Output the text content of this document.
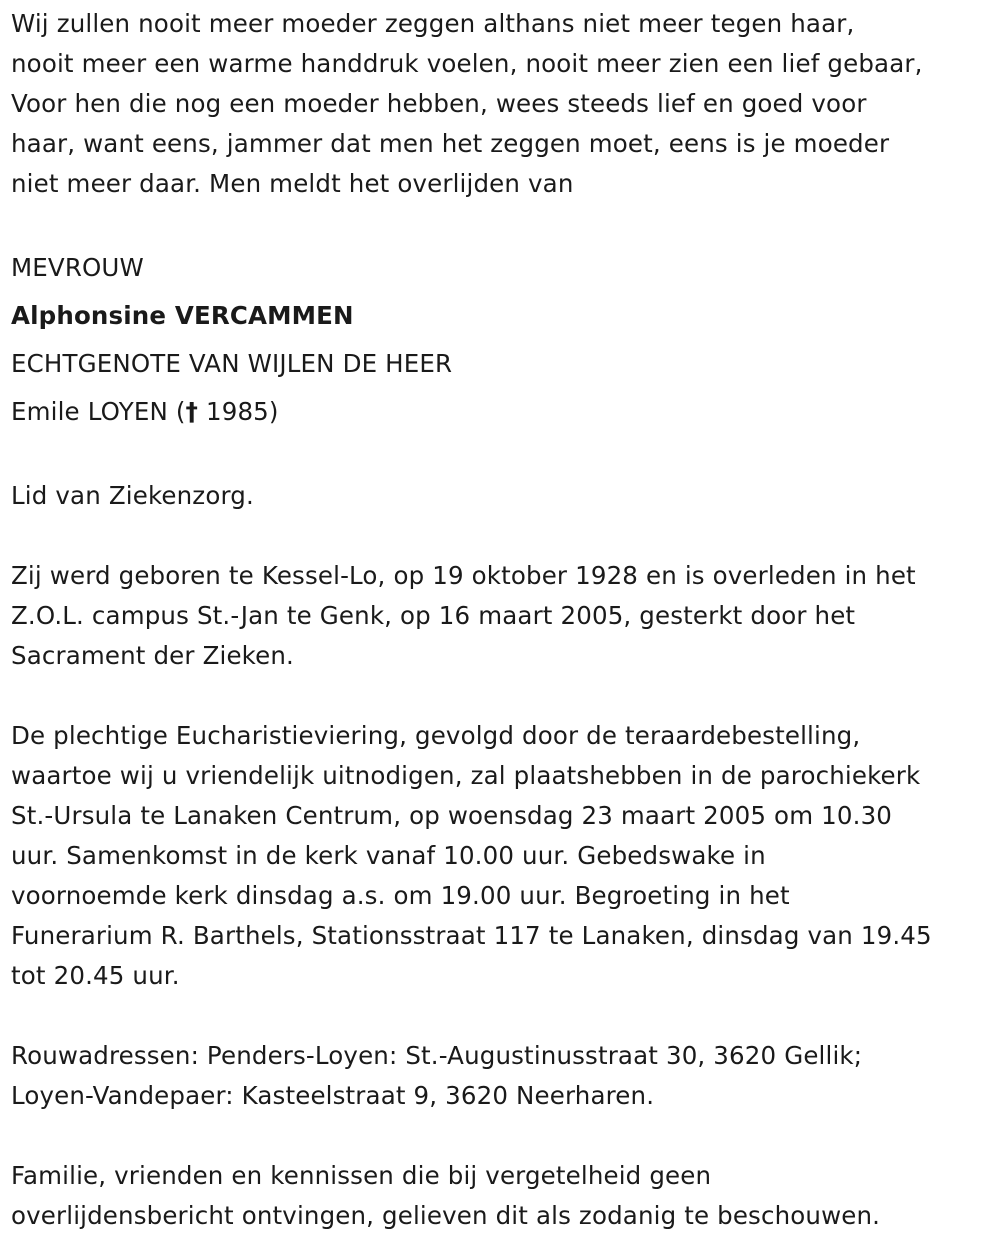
Wij zullen nooit meer moeder zeggen althans niet meer tegen haar,

nooit meer een warme handdruk voelen, nooit meer zien een lief gebaar,

Voor hen die nog een moeder hebben, wees steeds lief en goed voor

haar, want eens, jammer dat men het zeggen moet, eens is je moeder

niet meer daar. Men meldt het overlijden van

MEVROUW

Alphonsine VERCAMMEN

ECHTGENOTE VAN WIJLEN DE HEER

Emile LOYEN († 1985)

Lid van Ziekenzorg.

Zij werd geboren te Kessel-Lo, op 19 oktober 1928 en is overleden in het

Z.O.L. campus St.-Jan te Genk, op 16 maart 2005, gesterkt door het

Sacrament der Zieken.

De plechtige Eucharistieviering, gevolgd door de teraardebestelling,

waartoe wij u vriendelijk uitnodigen, zal plaatshebben in de parochiekerk

St.-Ursula te Lanaken Centrum, op woensdag 23 maart 2005 om 10.30

uur. Samenkomst in de kerk vanaf 10.00 uur. Gebedswake in

voornoemde kerk dinsdag a.s. om 19.00 uur. Begroeting in het

Funerarium R. Barthels, Stationsstraat 117 te Lanaken, dinsdag van 19.45

tot 20.45 uur.

Rouwadressen: Penders-Loyen: St.-Augustinusstraat 30, 3620 Gellik;

Loyen-Vandepaer: Kasteelstraat 9, 3620 Neerharen.

Familie, vrienden en kennissen die bij vergetelheid geen

overlijdensbericht ontvingen, gelieven dit als zodanig te beschouwen.
